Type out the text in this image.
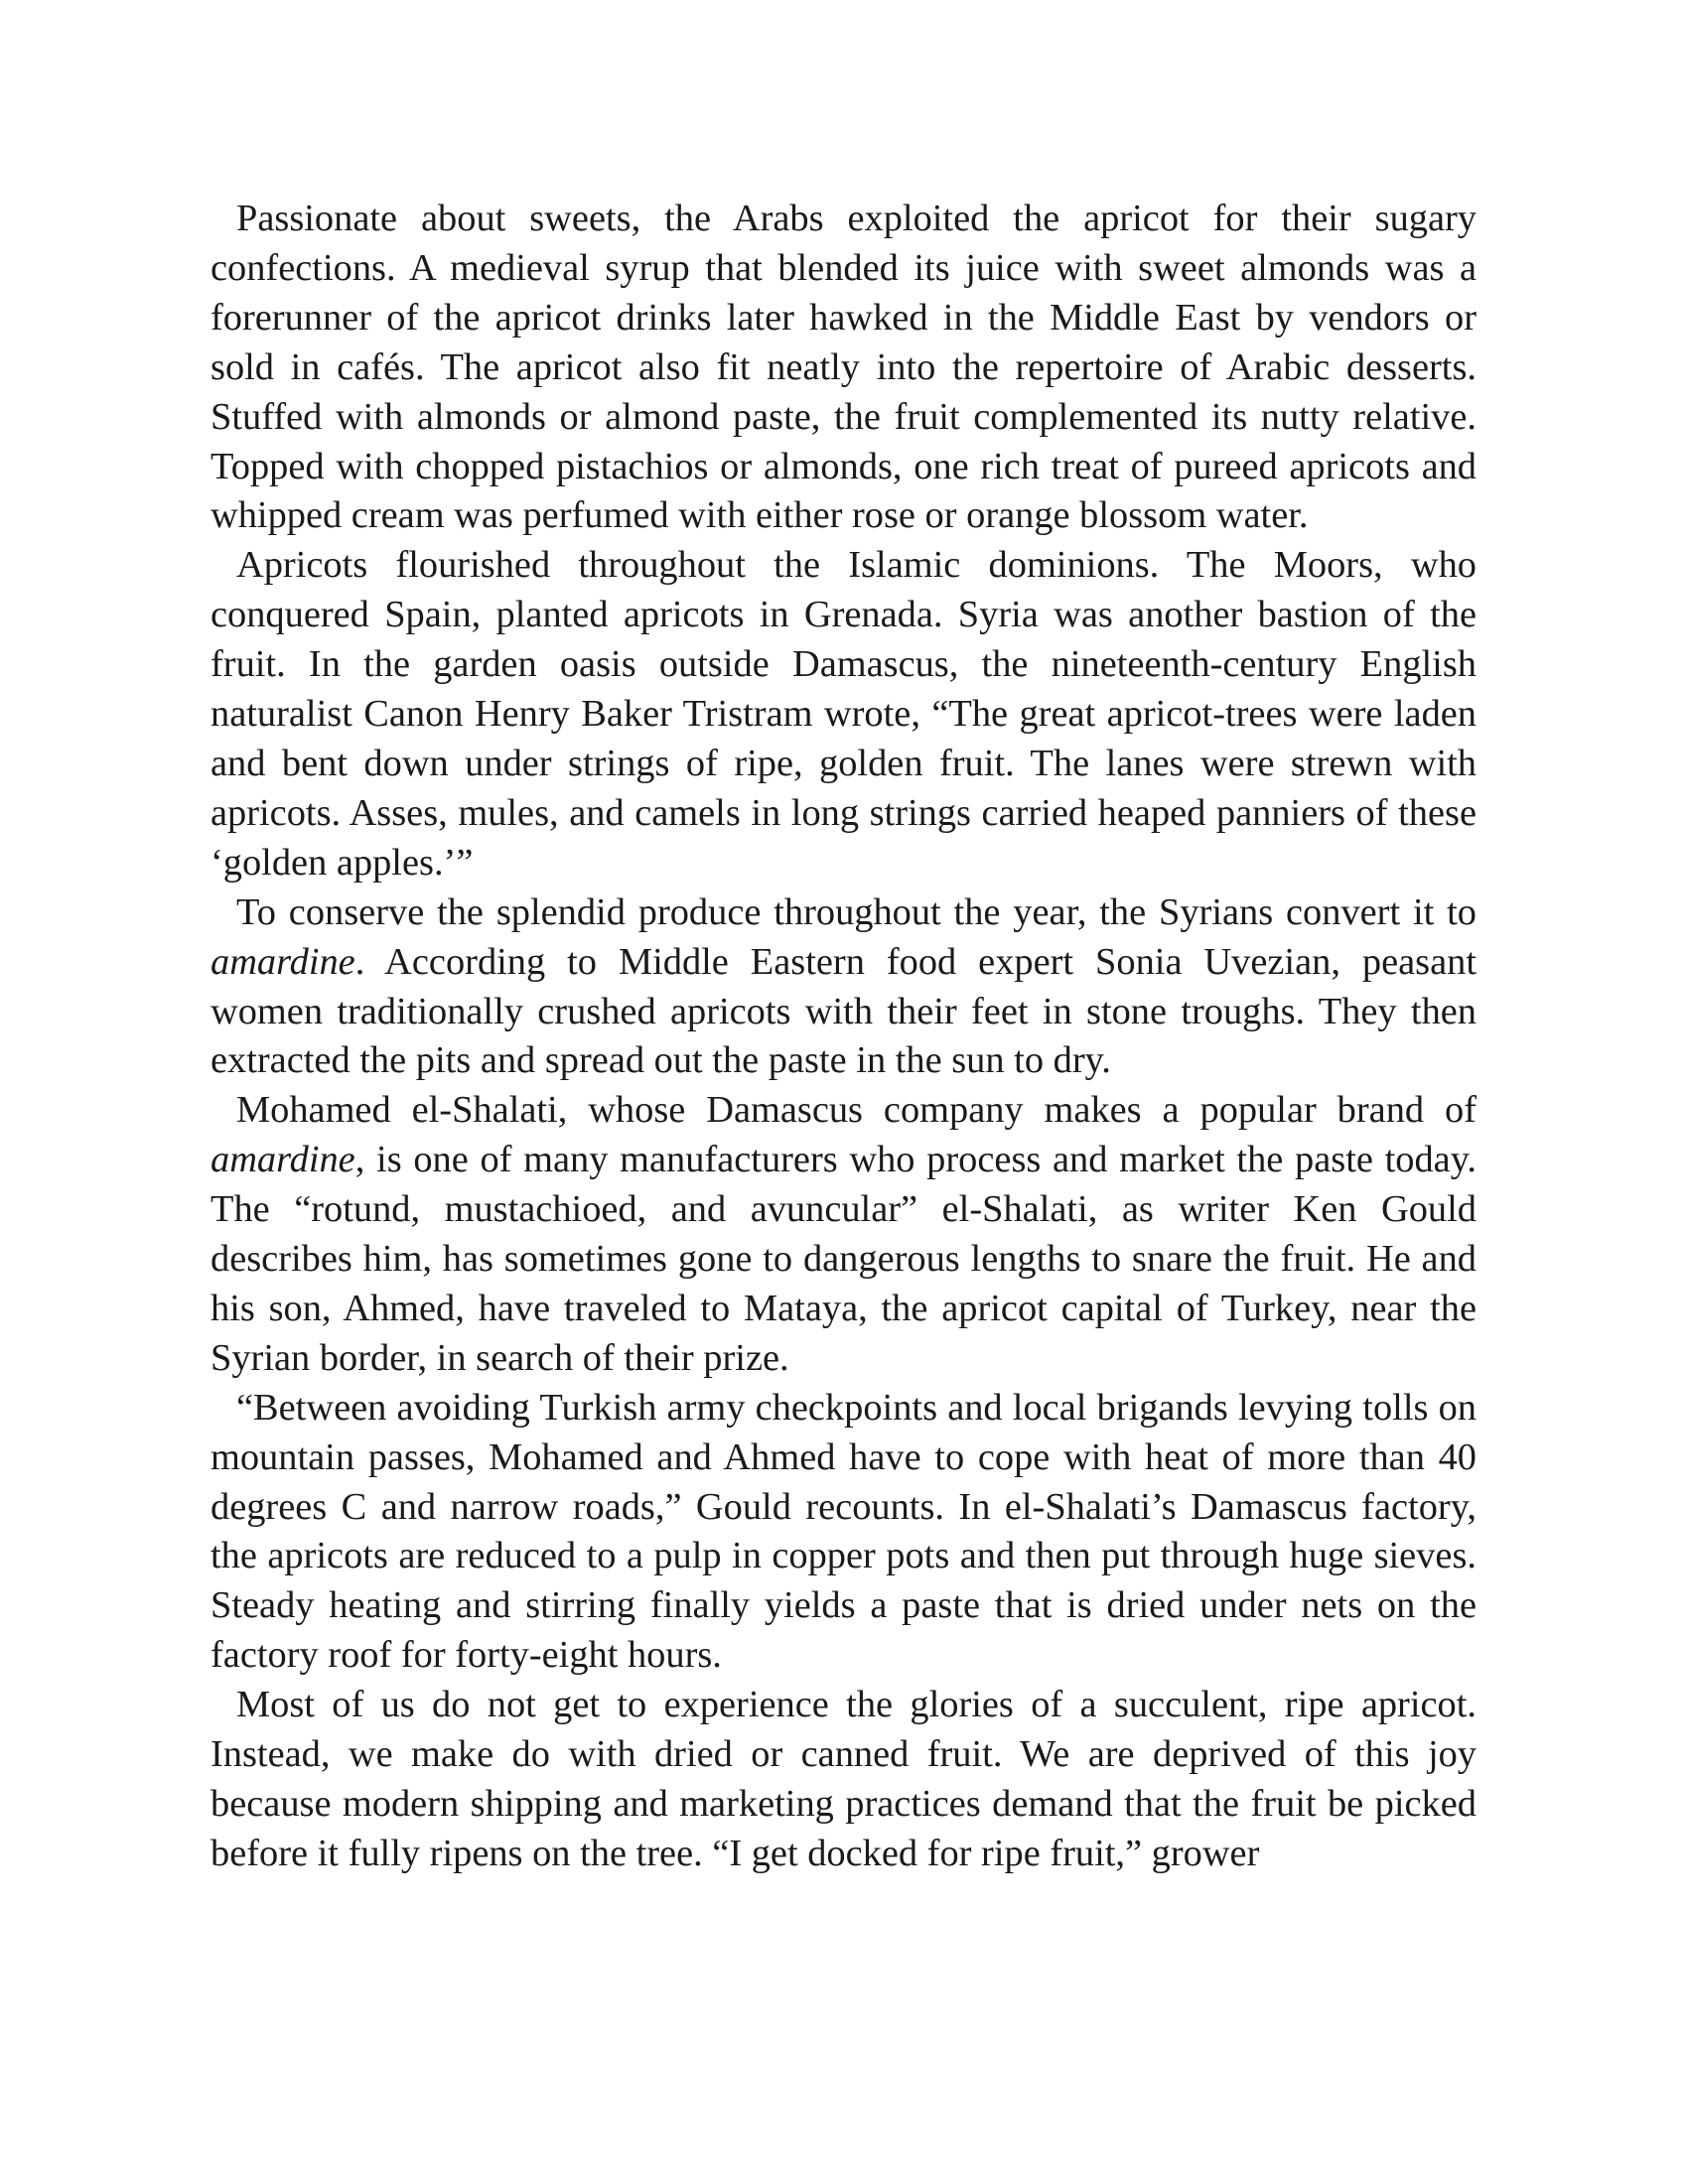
Passionate about sweets, the Arabs exploited the apricot for their sugary confections. A medieval syrup that blended its juice with sweet almonds was a forerunner of the apricot drinks later hawked in the Middle East by vendors or sold in cafés. The apricot also fit neatly into the repertoire of Arabic desserts. Stuffed with almonds or almond paste, the fruit complemented its nutty relative. Topped with chopped pistachios or almonds, one rich treat of pureed apricots and whipped cream was perfumed with either rose or orange blossom water.

Apricots flourished throughout the Islamic dominions. The Moors, who conquered Spain, planted apricots in Grenada. Syria was another bastion of the fruit. In the garden oasis outside Damascus, the nineteenth-century English naturalist Canon Henry Baker Tristram wrote, “The great apricot-trees were laden and bent down under strings of ripe, golden fruit. The lanes were strewn with apricots. Asses, mules, and camels in long strings carried heaped panniers of these ‘golden apples.’”

To conserve the splendid produce throughout the year, the Syrians convert it to amardine. According to Middle Eastern food expert Sonia Uvezian, peasant women traditionally crushed apricots with their feet in stone troughs. They then extracted the pits and spread out the paste in the sun to dry.

Mohamed el-Shalati, whose Damascus company makes a popular brand of amardine, is one of many manufacturers who process and market the paste today. The “rotund, mustachioed, and avuncular” el-Shalati, as writer Ken Gould describes him, has sometimes gone to dangerous lengths to snare the fruit. He and his son, Ahmed, have traveled to Mataya, the apricot capital of Turkey, near the Syrian border, in search of their prize.

“Between avoiding Turkish army checkpoints and local brigands levying tolls on mountain passes, Mohamed and Ahmed have to cope with heat of more than 40 degrees C and narrow roads,” Gould recounts. In el-Shalati’s Damascus factory, the apricots are reduced to a pulp in copper pots and then put through huge sieves. Steady heating and stirring finally yields a paste that is dried under nets on the factory roof for forty-eight hours.

Most of us do not get to experience the glories of a succulent, ripe apricot. Instead, we make do with dried or canned fruit. We are deprived of this joy because modern shipping and marketing practices demand that the fruit be picked before it fully ripens on the tree. “I get docked for ripe fruit,” grower
